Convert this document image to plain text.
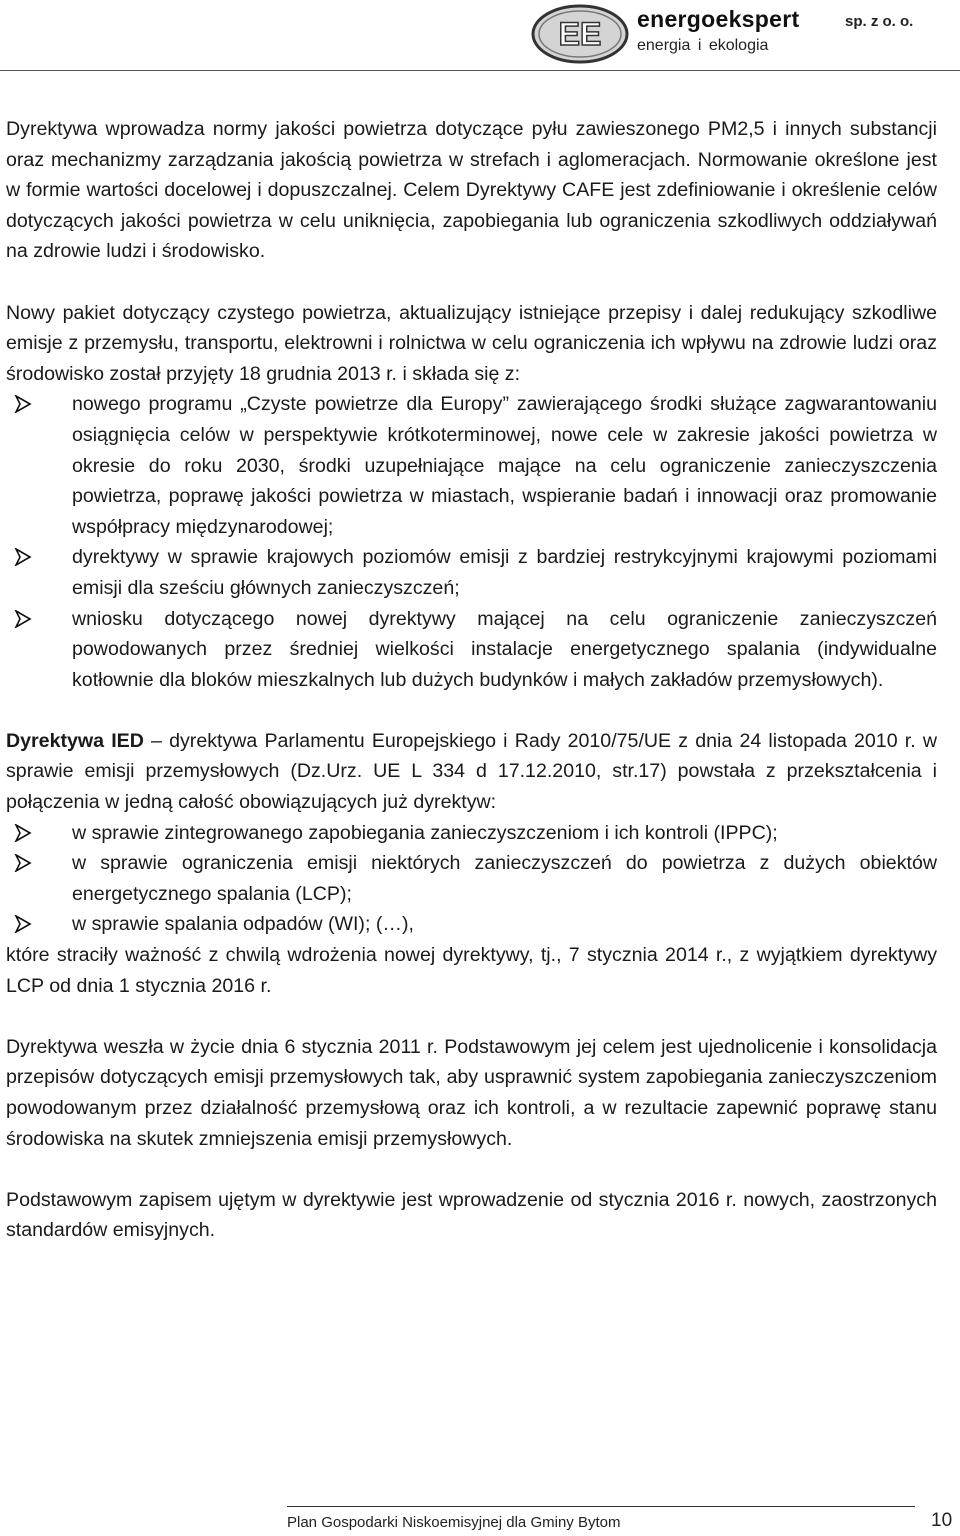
EE energoekspert	sp. z o. o.
energia i ekologia

Dyrektywa wprowadza normy jakości powietrza dotyczące pyłu zawieszonego PM2,5 i innych substancji oraz mechanizmy zarządzania jakością powietrza w strefach i aglomeracjach. Normowanie określone jest w formie wartości docelowej i dopuszczalnej. Celem Dyrektywy CAFE jest zdefiniowanie i określenie celów dotyczących jakości powietrza w celu uniknięcia, zapobiegania lub ograniczenia szkodliwych oddziaływań na zdrowie ludzi i środowisko.

Nowy pakiet dotyczący czystego powietrza, aktualizujący istniejące przepisy i dalej redukujący szkodliwe emisje z przemysłu, transportu, elektrowni i rolnictwa w celu ograniczenia ich wpływu na zdrowie ludzi oraz środowisko został przyjęty 18 grudnia 2013 r. i składa się z:

nowego programu „Czyste powietrze dla Europy” zawierającego środki służące zagwarantowaniu osiągnięcia celów w perspektywie krótkoterminowej, nowe cele w zakresie jakości powietrza w okresie do roku 2030, środki uzupełniające mające na celu ograniczenie zanieczyszczenia powietrza, poprawę jakości powietrza w miastach, wspieranie badań i innowacji oraz promowanie współpracy międzynarodowej;
dyrektywy w sprawie krajowych poziomów emisji z bardziej restrykcyjnymi krajowymi poziomami emisji dla sześciu głównych zanieczyszczeń;
wniosku dotyczącego nowej dyrektywy mającej na celu ograniczenie zanieczyszczeń powodowanych przez średniej wielkości instalacje energetycznego spalania (indywidualne kotłownie dla bloków mieszkalnych lub dużych budynków i małych zakładów przemysłowych).

Dyrektywa IED – dyrektywa Parlamentu Europejskiego i Rady 2010/75/UE z dnia 24 listopada 2010 r. w sprawie emisji przemysłowych (Dz.Urz. UE L 334 d 17.12.2010, str.17) powstała z przekształcenia i połączenia w jedną całość obowiązujących już dyrektyw:

w sprawie zintegrowanego zapobiegania zanieczyszczeniom i ich kontroli (IPPC);
w sprawie ograniczenia emisji niektórych zanieczyszczeń do powietrza z dużych obiektów energetycznego spalania (LCP);
w sprawie spalania odpadów (WI); (…),

które straciły ważność z chwilą wdrożenia nowej dyrektywy, tj., 7 stycznia 2014 r., z wyjątkiem dyrektywy LCP od dnia 1 stycznia 2016 r.

Dyrektywa weszła w życie dnia 6 stycznia 2011 r. Podstawowym jej celem jest ujednolicenie i konsolidacja przepisów dotyczących emisji przemysłowych tak, aby usprawnić system zapobiegania zanieczyszczeniom powodowanym przez działalność przemysłową oraz ich kontroli, a w rezultacie zapewnić poprawę stanu środowiska na skutek zmniejszenia emisji przemysłowych.

Podstawowym zapisem ujętym w dyrektywie jest wprowadzenie od stycznia 2016 r. nowych, zaostrzonych standardów emisyjnych.

Plan Gospodarki Niskoemisyjnej dla Gminy Bytom	10
